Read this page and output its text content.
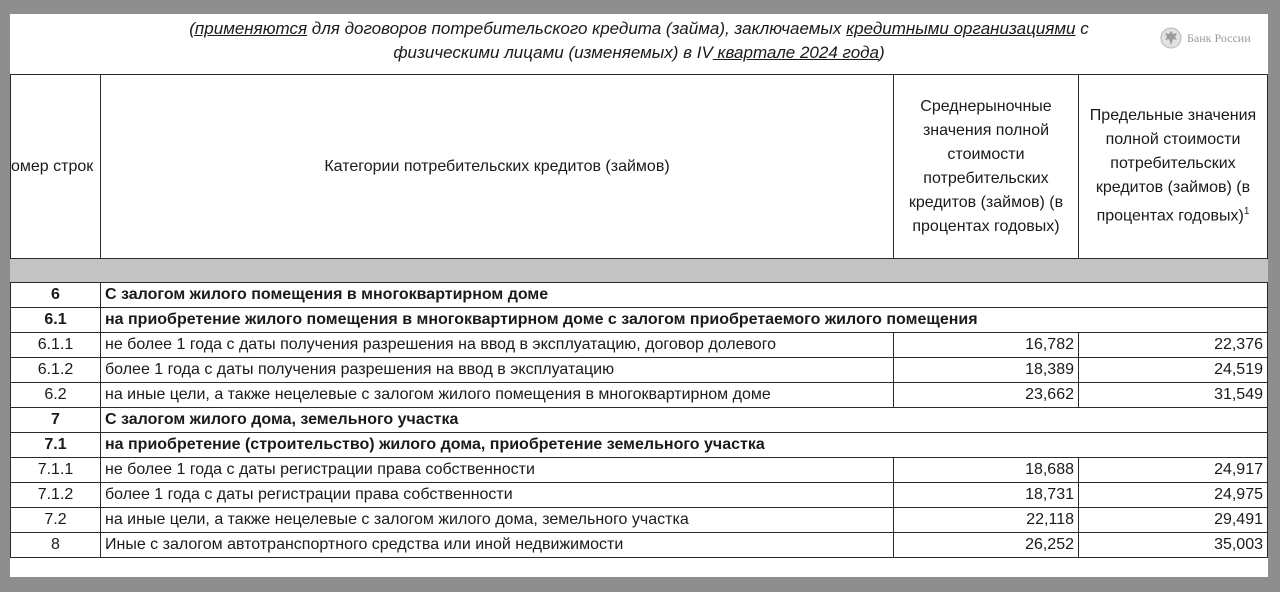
(применяются для договоров потребительского кредита (займа), заключаемых кредитными организациями с
физическими лицами (изменяемых) в IV квартале 2024 года)
Банк России
омер строк	Категории потребительских кредитов (займов)	Среднерыночные значения полной стоимости потребительских кредитов (займов) (в процентах годовых)	Предельные значения полной стоимости потребительских кредитов (займов) (в процентах годовых)$^1$

6	С залогом жилого помещения в многоквартирном доме		
6.1	на приобретение жилого помещения в многоквартирном доме с залогом приобретаемого жилого помещения		
6.1.1	не более 1 года с даты получения разрешения на ввод в эксплуатацию, договор долевого	16,782	22,376
6.1.2	более 1 года с даты получения разрешения на ввод в эксплуатацию	18,389	24,519
6.2	на иные цели, а также нецелевые с залогом жилого помещения в многоквартирном доме	23,662	31,549
7	С залогом жилого дома, земельного участка		
7.1	на приобретение (строительство) жилого дома, приобретение земельного участка		
7.1.1	не более 1 года с даты регистрации права собственности	18,688	24,917
7.1.2	более 1 года с даты регистрации права собственности	18,731	24,975
7.2	на иные цели, а также нецелевые с залогом жилого дома, земельного участка	22,118	29,491
8	Иные с залогом автотранспортного средства или иной недвижимости	26,252	35,003
